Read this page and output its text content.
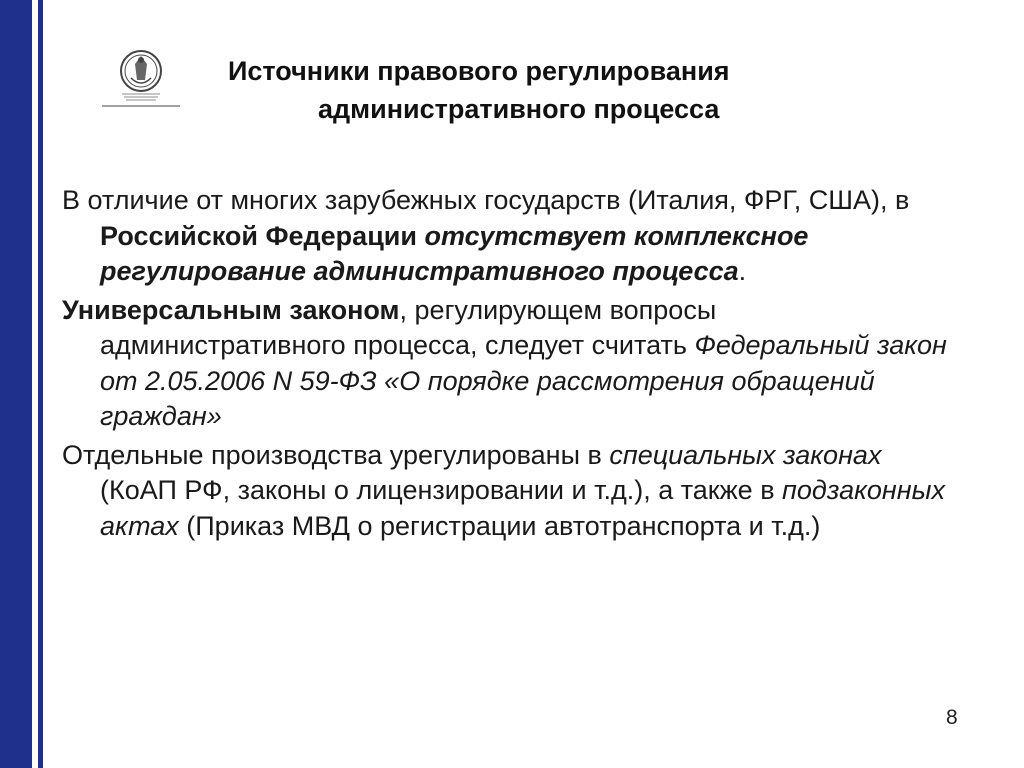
Источники правового регулирования
административного процесса

В отличие от многих зарубежных государств (Италия, ФРГ, США), в Российской Федерации отсутствует комплексное регулирование административного процесса.

Универсальным законом, регулирующем вопросы административного процесса, следует считать Федеральный закон от 2.05.2006 N 59-ФЗ «О порядке рассмотрения обращений граждан»

Отдельные производства урегулированы в специальных законах (КоАП РФ, законы о лицензировании и т.д.), а также в подзаконных актах (Приказ МВД о регистрации автотранспорта и т.д.)

8
